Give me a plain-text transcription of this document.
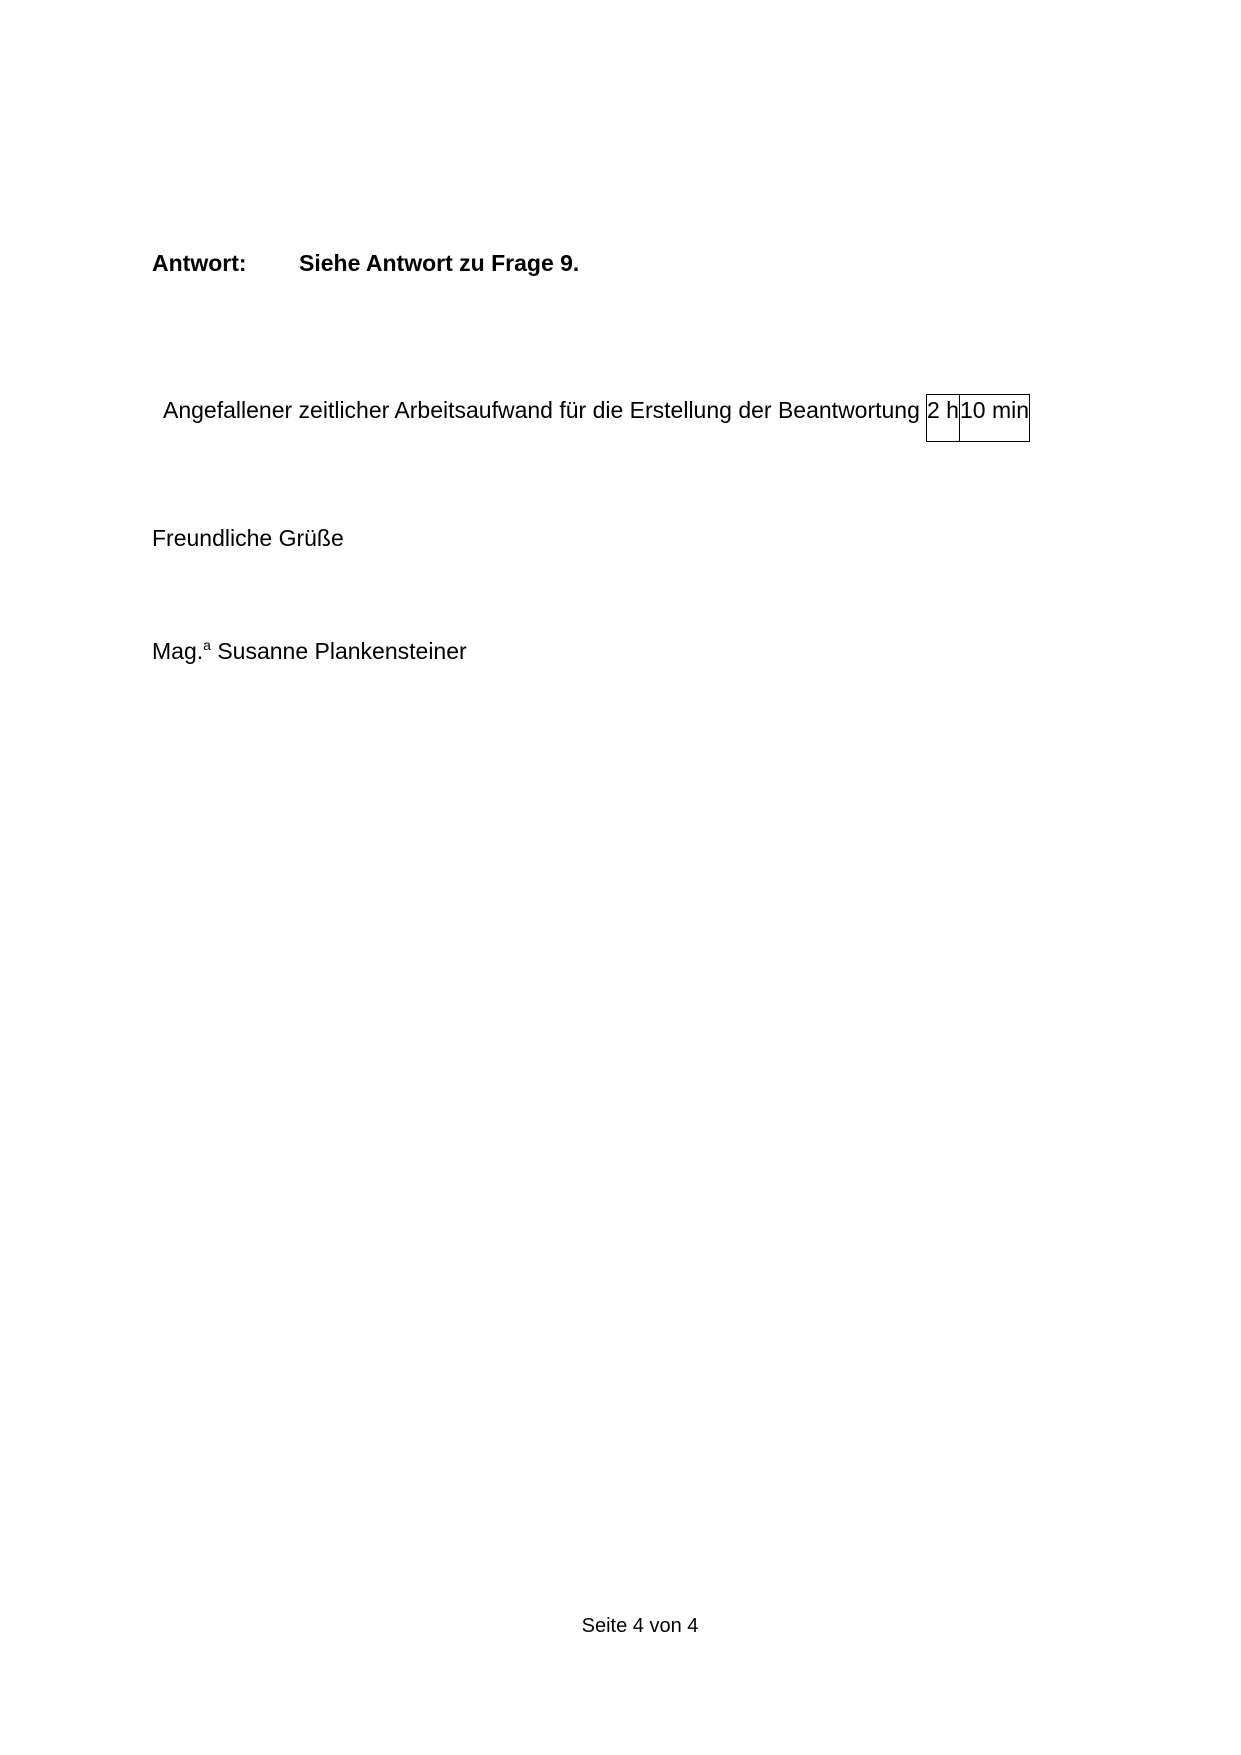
Antwort: Siehe Antwort zu Frage 9.
Angefallener zeitlicher Arbeitsaufwand für die Erstellung der Beantwortung 2 h	10 min
Freundliche Grüße
Mag.$^a$ Susanne Plankensteiner
Seite 4 von 4
